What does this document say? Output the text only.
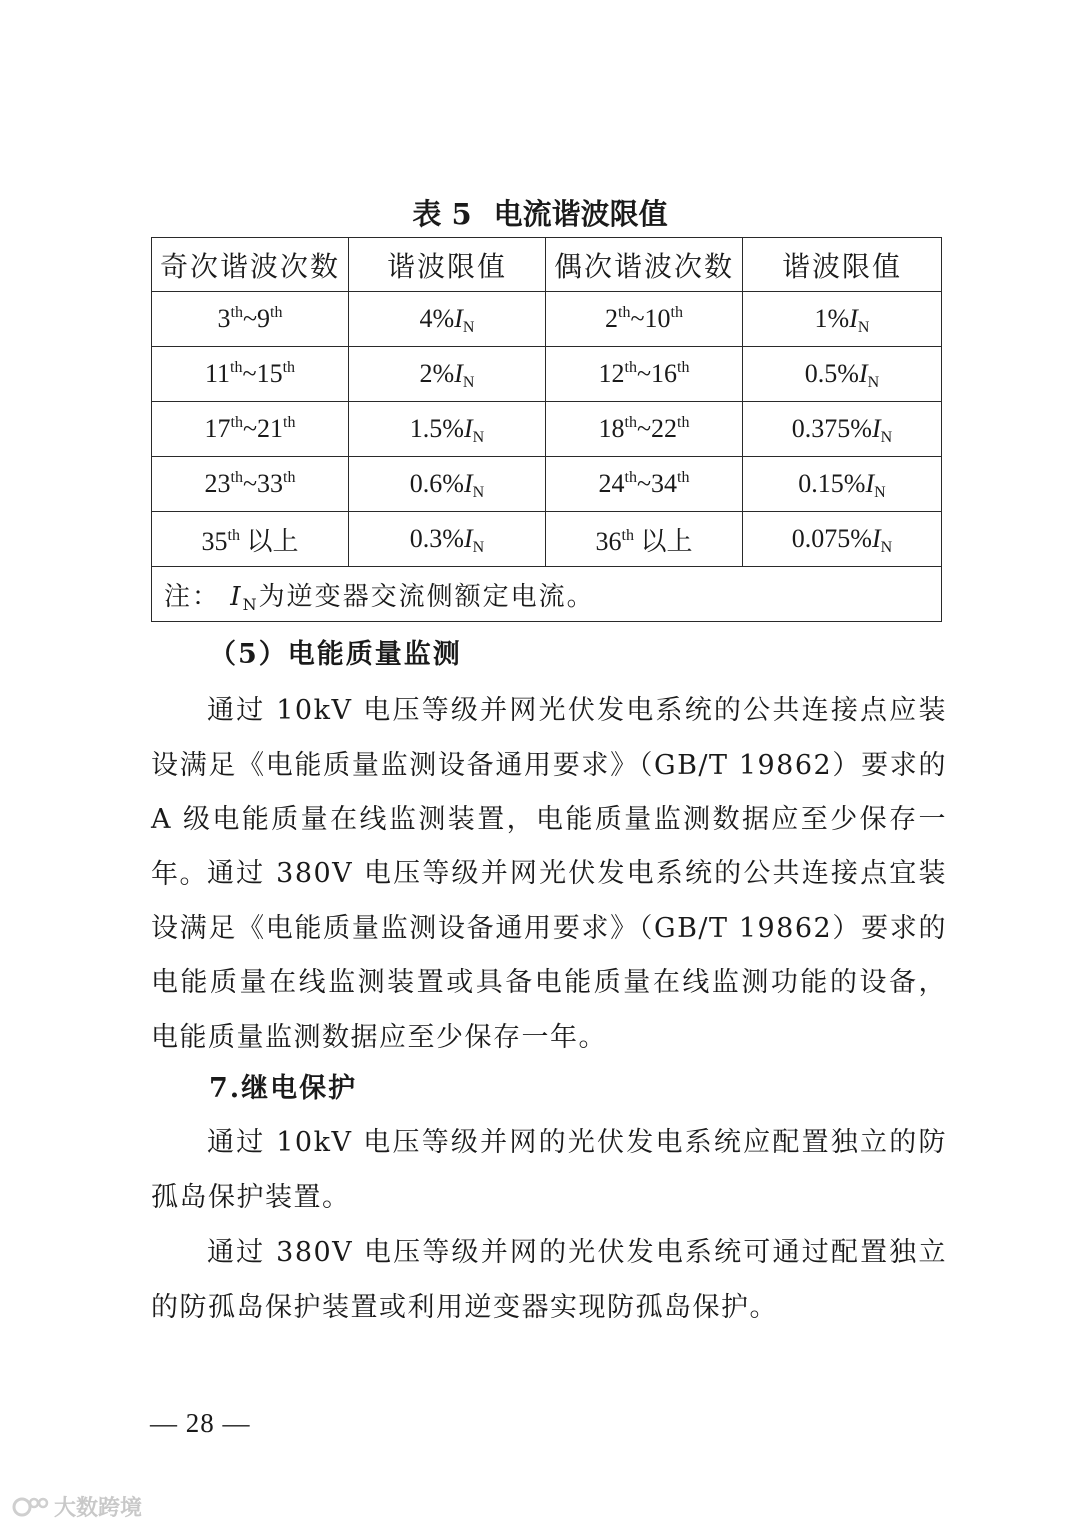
表 5 电流谐波限值
奇次谐波次数	谐波限值	偶次谐波次数	谐波限值
3th~9th	$4\%I_N$	2th~10th	$1\%I_N$
11th~15th	$2\%I_N$	12th~16th	$0.5\%I_N$
17th~21th	$1.5\%I_N$	18th~22th	$0.375\%I_N$
23th~33th	$0.6\%I_N$	24th~34th	$0.15\%I_N$
35th 以上	$0.3\%I_N$	36th 以上	$0.075\%I_N$
注： $I_N$为逆变器交流侧额定电流。			
（5）电能质量监测
通过 10kV 电压等级并网光伏发电系统的公共连接点应装设满足《电能质量监测设备通用要求》（GB/T 19862）要求的 A 级电能质量在线监测装置，电能质量监测数据应至少保存一年。 通过 380V 电压等级并网光伏发电系统的公共连接点宜装设满足《电能质量监测设备通用要求》（GB/T 19862）要求的电能质量在线监测装置或具备电能质量在线监测功能的设备，电能质量监测数据应至少保存一年。
7.继电保护
通过 10kV 电压等级并网的光伏发电系统应配置独立的防孤岛保护装置。
通过 380V 电压等级并网的光伏发电系统可通过配置独立的防孤岛保护装置或利用逆变器实现防孤岛保护。
— 28 —
大数跨境
